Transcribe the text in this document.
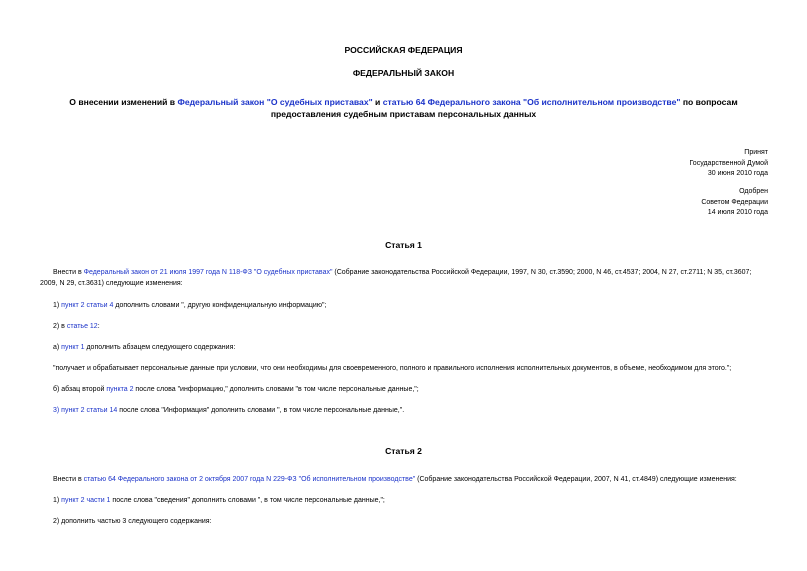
РОССИЙСКАЯ ФЕДЕРАЦИЯ
ФЕДЕРАЛЬНЫЙ ЗАКОН
О внесении изменений в Федеральный закон "О судебных приставах" и статью 64 Федерального закона "Об исполнительном производстве" по вопросам
предоставления судебным приставам персональных данных
Принят
Государственной Думой
30 июня 2010 года
Одобрен
Советом Федерации
14 июля 2010 года
Статья 1
Внести в Федеральный закон от 21 июля 1997 года N 118-ФЗ "О судебных приставах" (Собрание законодательства Российской Федерации, 1997, N 30, ст.3590; 2000, N 46, ст.4537; 2004, N 27, ст.2711; N 35, ст.3607; 2009, N 29, ст.3631) следующие изменения:
1) пункт 2 статьи 4 дополнить словами ", другую конфиденциальную информацию";
2) в статье 12:
а) пункт 1 дополнить абзацем следующего содержания:
"получает и обрабатывает персональные данные при условии, что они необходимы для своевременного, полного и правильного исполнения исполнительных документов, в объеме, необходимом для этого.";
б) абзац второй пункта 2 после слова "информацию," дополнить словами "в том числе персональные данные,";
3) пункт 2 статьи 14 после слова "Информация" дополнить словами ", в том числе персональные данные,".
Статья 2
Внести в статью 64 Федерального закона от 2 октября 2007 года N 229-ФЗ "Об исполнительном производстве" (Собрание законодательства Российской Федерации, 2007, N 41, ст.4849) следующие изменения:
1) пункт 2 части 1 после слова "сведения" дополнить словами ", в том числе персональные данные,";
2) дополнить частью 3 следующего содержания:
